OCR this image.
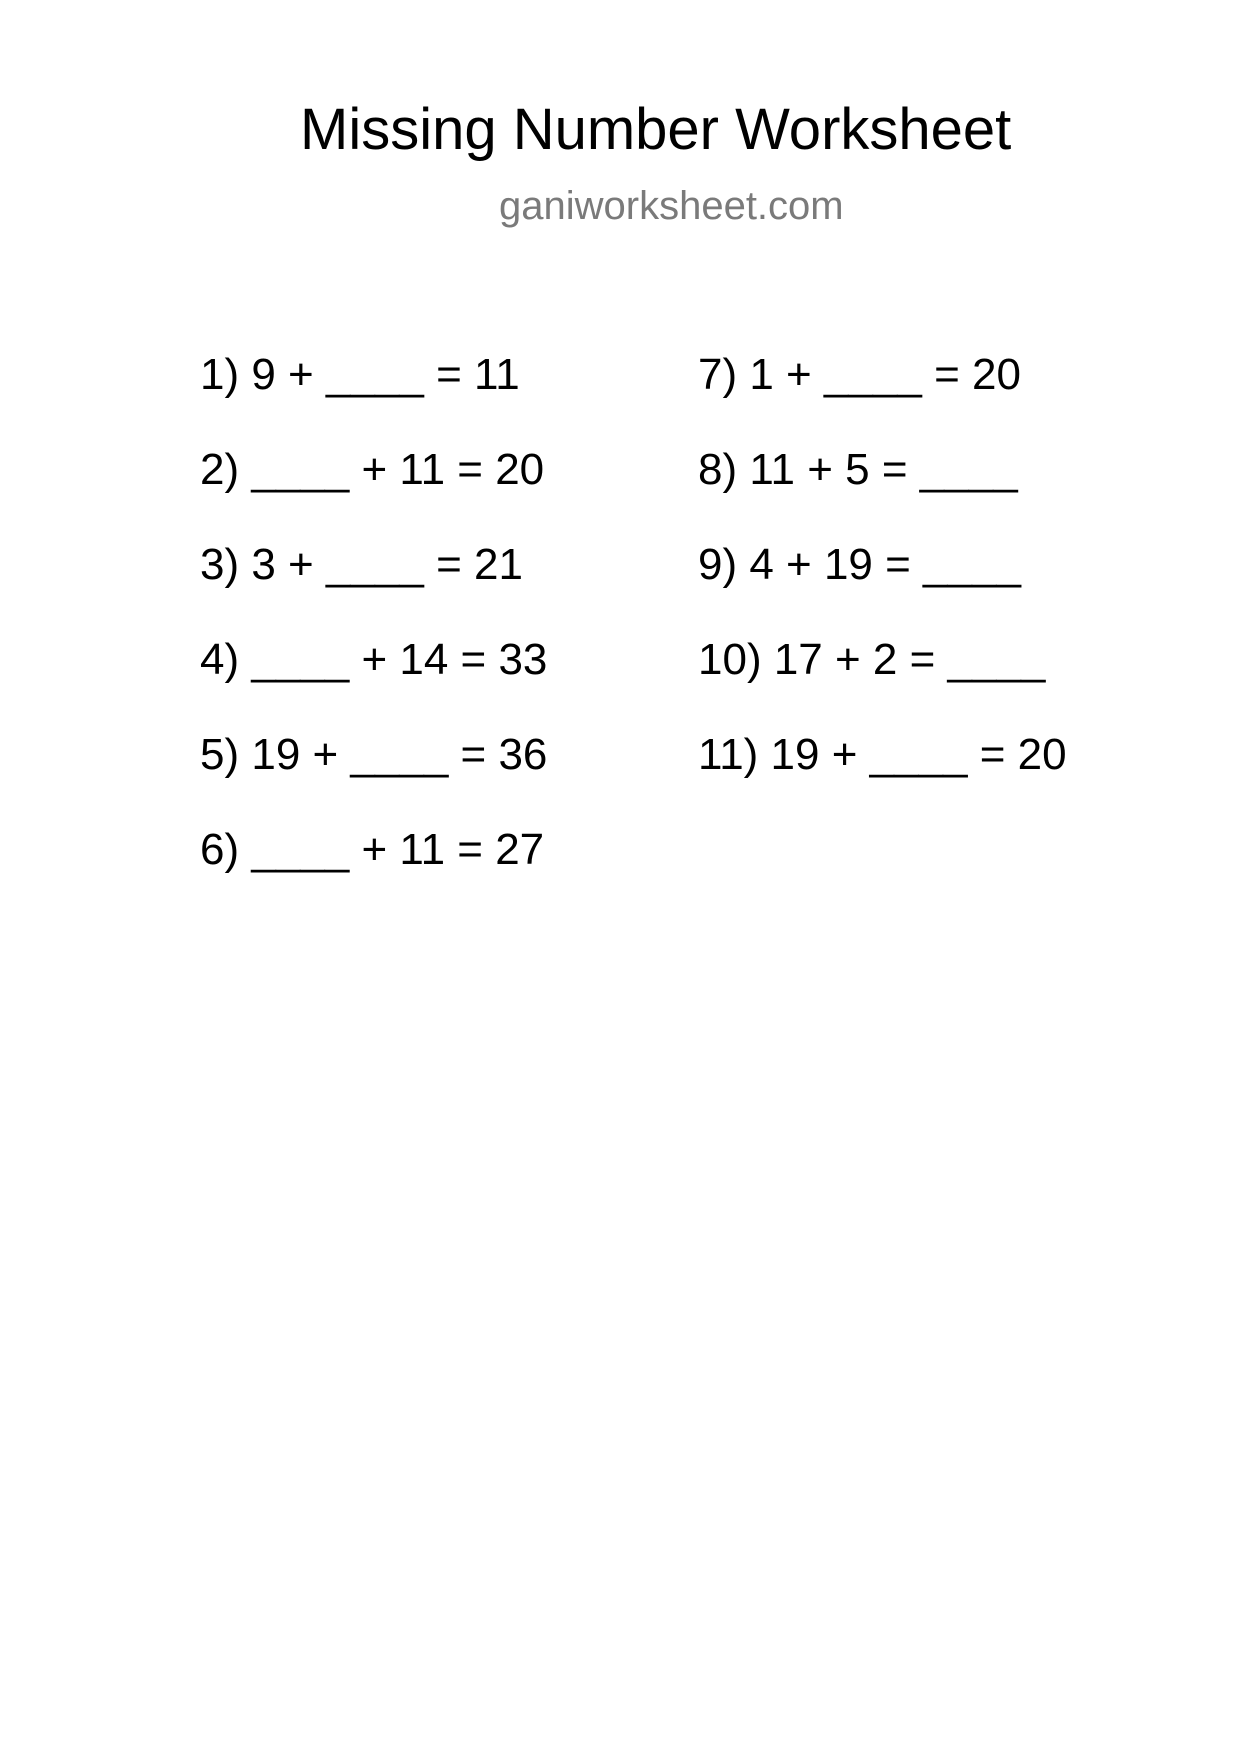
Missing Number Worksheet

ganiworksheet.com

1) 9 + ____ = 11
2) ____ + 11 = 20
3) 3 + ____ = 21
4) ____ + 14 = 33
5) 19 + ____ = 36
6) ____ + 11 = 27
7) 1 + ____ = 20
8) 11 + 5 = ____
9) 4 + 19 = ____
10) 17 + 2 = ____
11) 19 + ____ = 20
